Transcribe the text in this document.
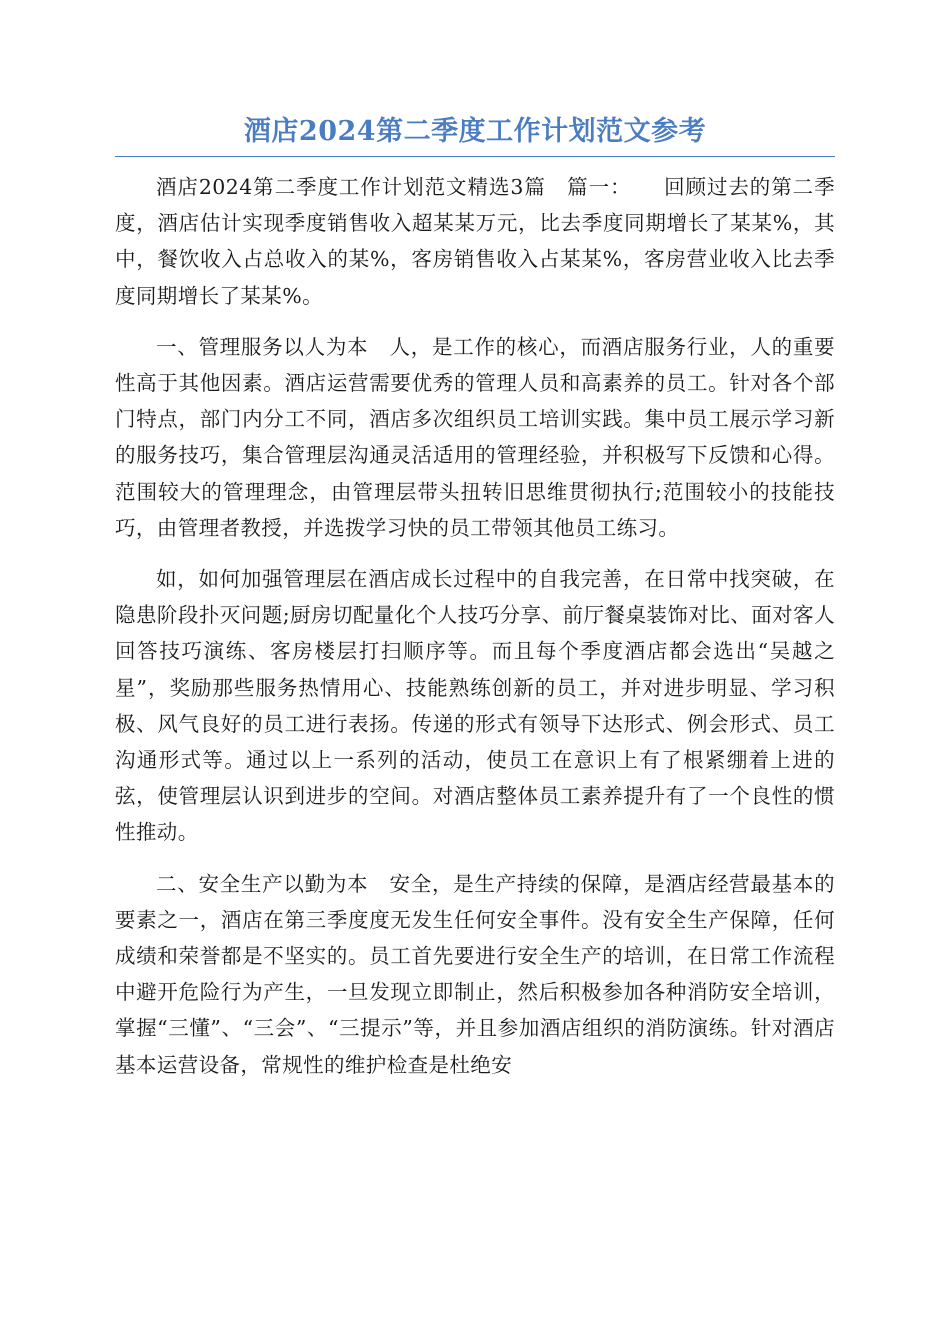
酒店2024第二季度工作计划范文参考

酒店2024第二季度工作计划范文精选3篇　篇一：　　回顾过去的第二季度，酒店估计实现季度销售收入超某某万元，比去季度同期增长了某某%，其中，餐饮收入占总收入的某%，客房销售收入占某某%，客房营业收入比去季度同期增长了某某%。

一、管理服务以人为本　人，是工作的核心，而酒店服务行业，人的重要性高于其他因素。酒店运营需要优秀的管理人员和高素养的员工。针对各个部门特点，部门内分工不同，酒店多次组织员工培训实践。集中员工展示学习新的服务技巧，集合管理层沟通灵活适用的管理经验，并积极写下反馈和心得。范围较大的管理理念，由管理层带头扭转旧思维贯彻执行;范围较小的技能技巧，由管理者教授，并选拨学习快的员工带领其他员工练习。

如，如何加强管理层在酒店成长过程中的自我完善，在日常中找突破，在隐患阶段扑灭问题;厨房切配量化个人技巧分享、前厅餐桌装饰对比、面对客人回答技巧演练、客房楼层打扫顺序等。而且每个季度酒店都会选出“吴越之星”，奖励那些服务热情用心、技能熟练创新的员工，并对进步明显、学习积极、风气良好的员工进行表扬。传递的形式有领导下达形式、例会形式、员工沟通形式等。通过以上一系列的活动，使员工在意识上有了根紧绷着上进的弦，使管理层认识到进步的空间。对酒店整体员工素养提升有了一个良性的惯性推动。

二、安全生产以勤为本　安全，是生产持续的保障，是酒店经营最基本的要素之一，酒店在第三季度度无发生任何安全事件。没有安全生产保障，任何成绩和荣誉都是不坚实的。员工首先要进行安全生产的培训，在日常工作流程中避开危险行为产生，一旦发现立即制止，然后积极参加各种消防安全培训，掌握“三懂”、“三会”、“三提示”等，并且参加酒店组织的消防演练。针对酒店基本运营设备，常规性的维护检查是杜绝安
